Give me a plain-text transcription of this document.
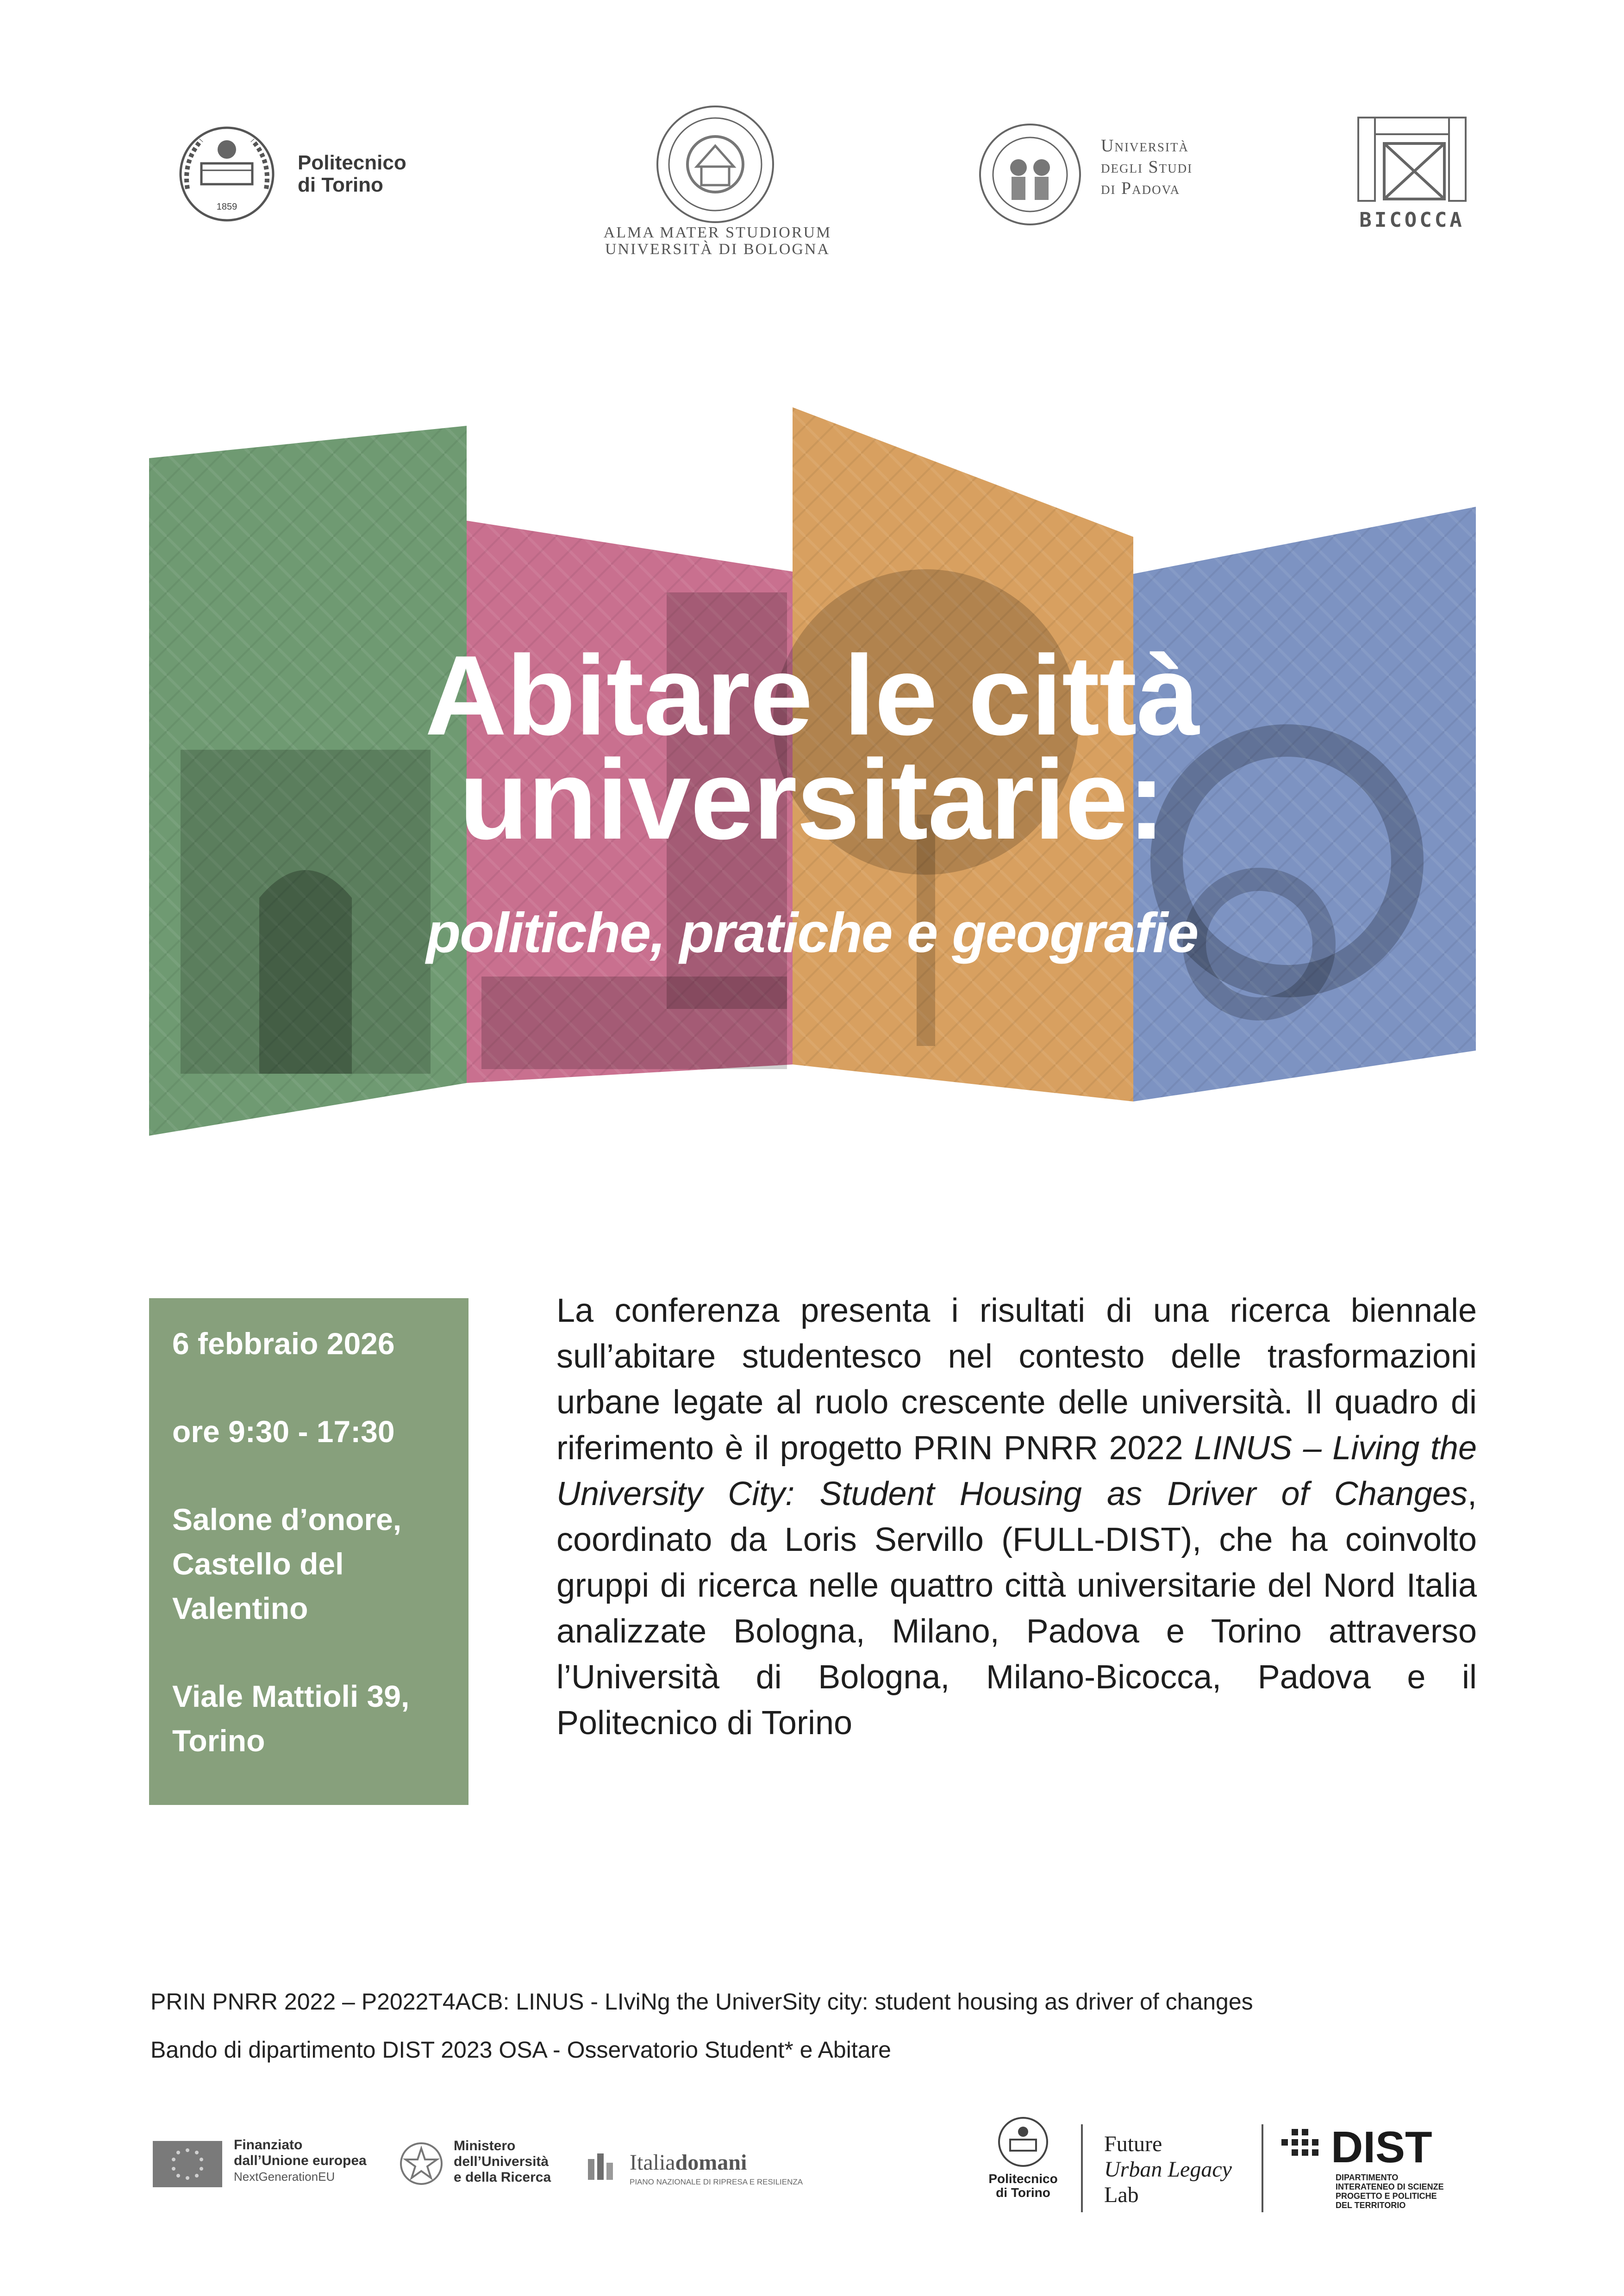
1859
Politecnico
di Torino
ALMA MATER STUDIORUM
UNIVERSITÀ DI BOLOGNA
Università
degli Studi
di Padova
BICOCCA
Abitare le città
universitarie:
politiche, pratiche e geografie
6 febbraio 2026
ore 9:30 - 17:30
Salone d’onore,
Castello del
Valentino
Viale Mattioli 39,
Torino
La conferenza presenta i risultati di una ricerca biennale sull’abitare studentesco nel contesto delle trasformazioni urbane legate al ruolo crescente delle università. Il quadro di riferimento è il progetto PRIN PNRR 2022 LINUS – Living the University City: Student Housing as Driver of Changes, coordinato da Loris Servillo (FULL-DIST), che ha coinvolto gruppi di ricerca nelle quattro città universitarie del Nord Italia analizzate Bologna, Milano, Padova e Torino attraverso l’Università di Bologna, Milano-Bicocca, Padova e il Politecnico di Torino
PRIN PNRR 2022 – P2022T4ACB: LINUS - LIviNg the UniverSity city: student housing as driver of changes
Bando di dipartimento DIST 2023 OSA - Osservatorio Student* e Abitare
Finanziato
dall’Unione europea
NextGenerationEU
Ministero
dell’Università
e della Ricerca
Italiadomani
PIANO NAZIONALE DI RIPRESA E RESILIENZA	Politecnico
di Torino
Future
Urban Legacy
Lab
DIST
DIPARTIMENTO
INTERATENEO DI SCIENZE
PROGETTO E POLITICHE
DEL TERRITORIO
